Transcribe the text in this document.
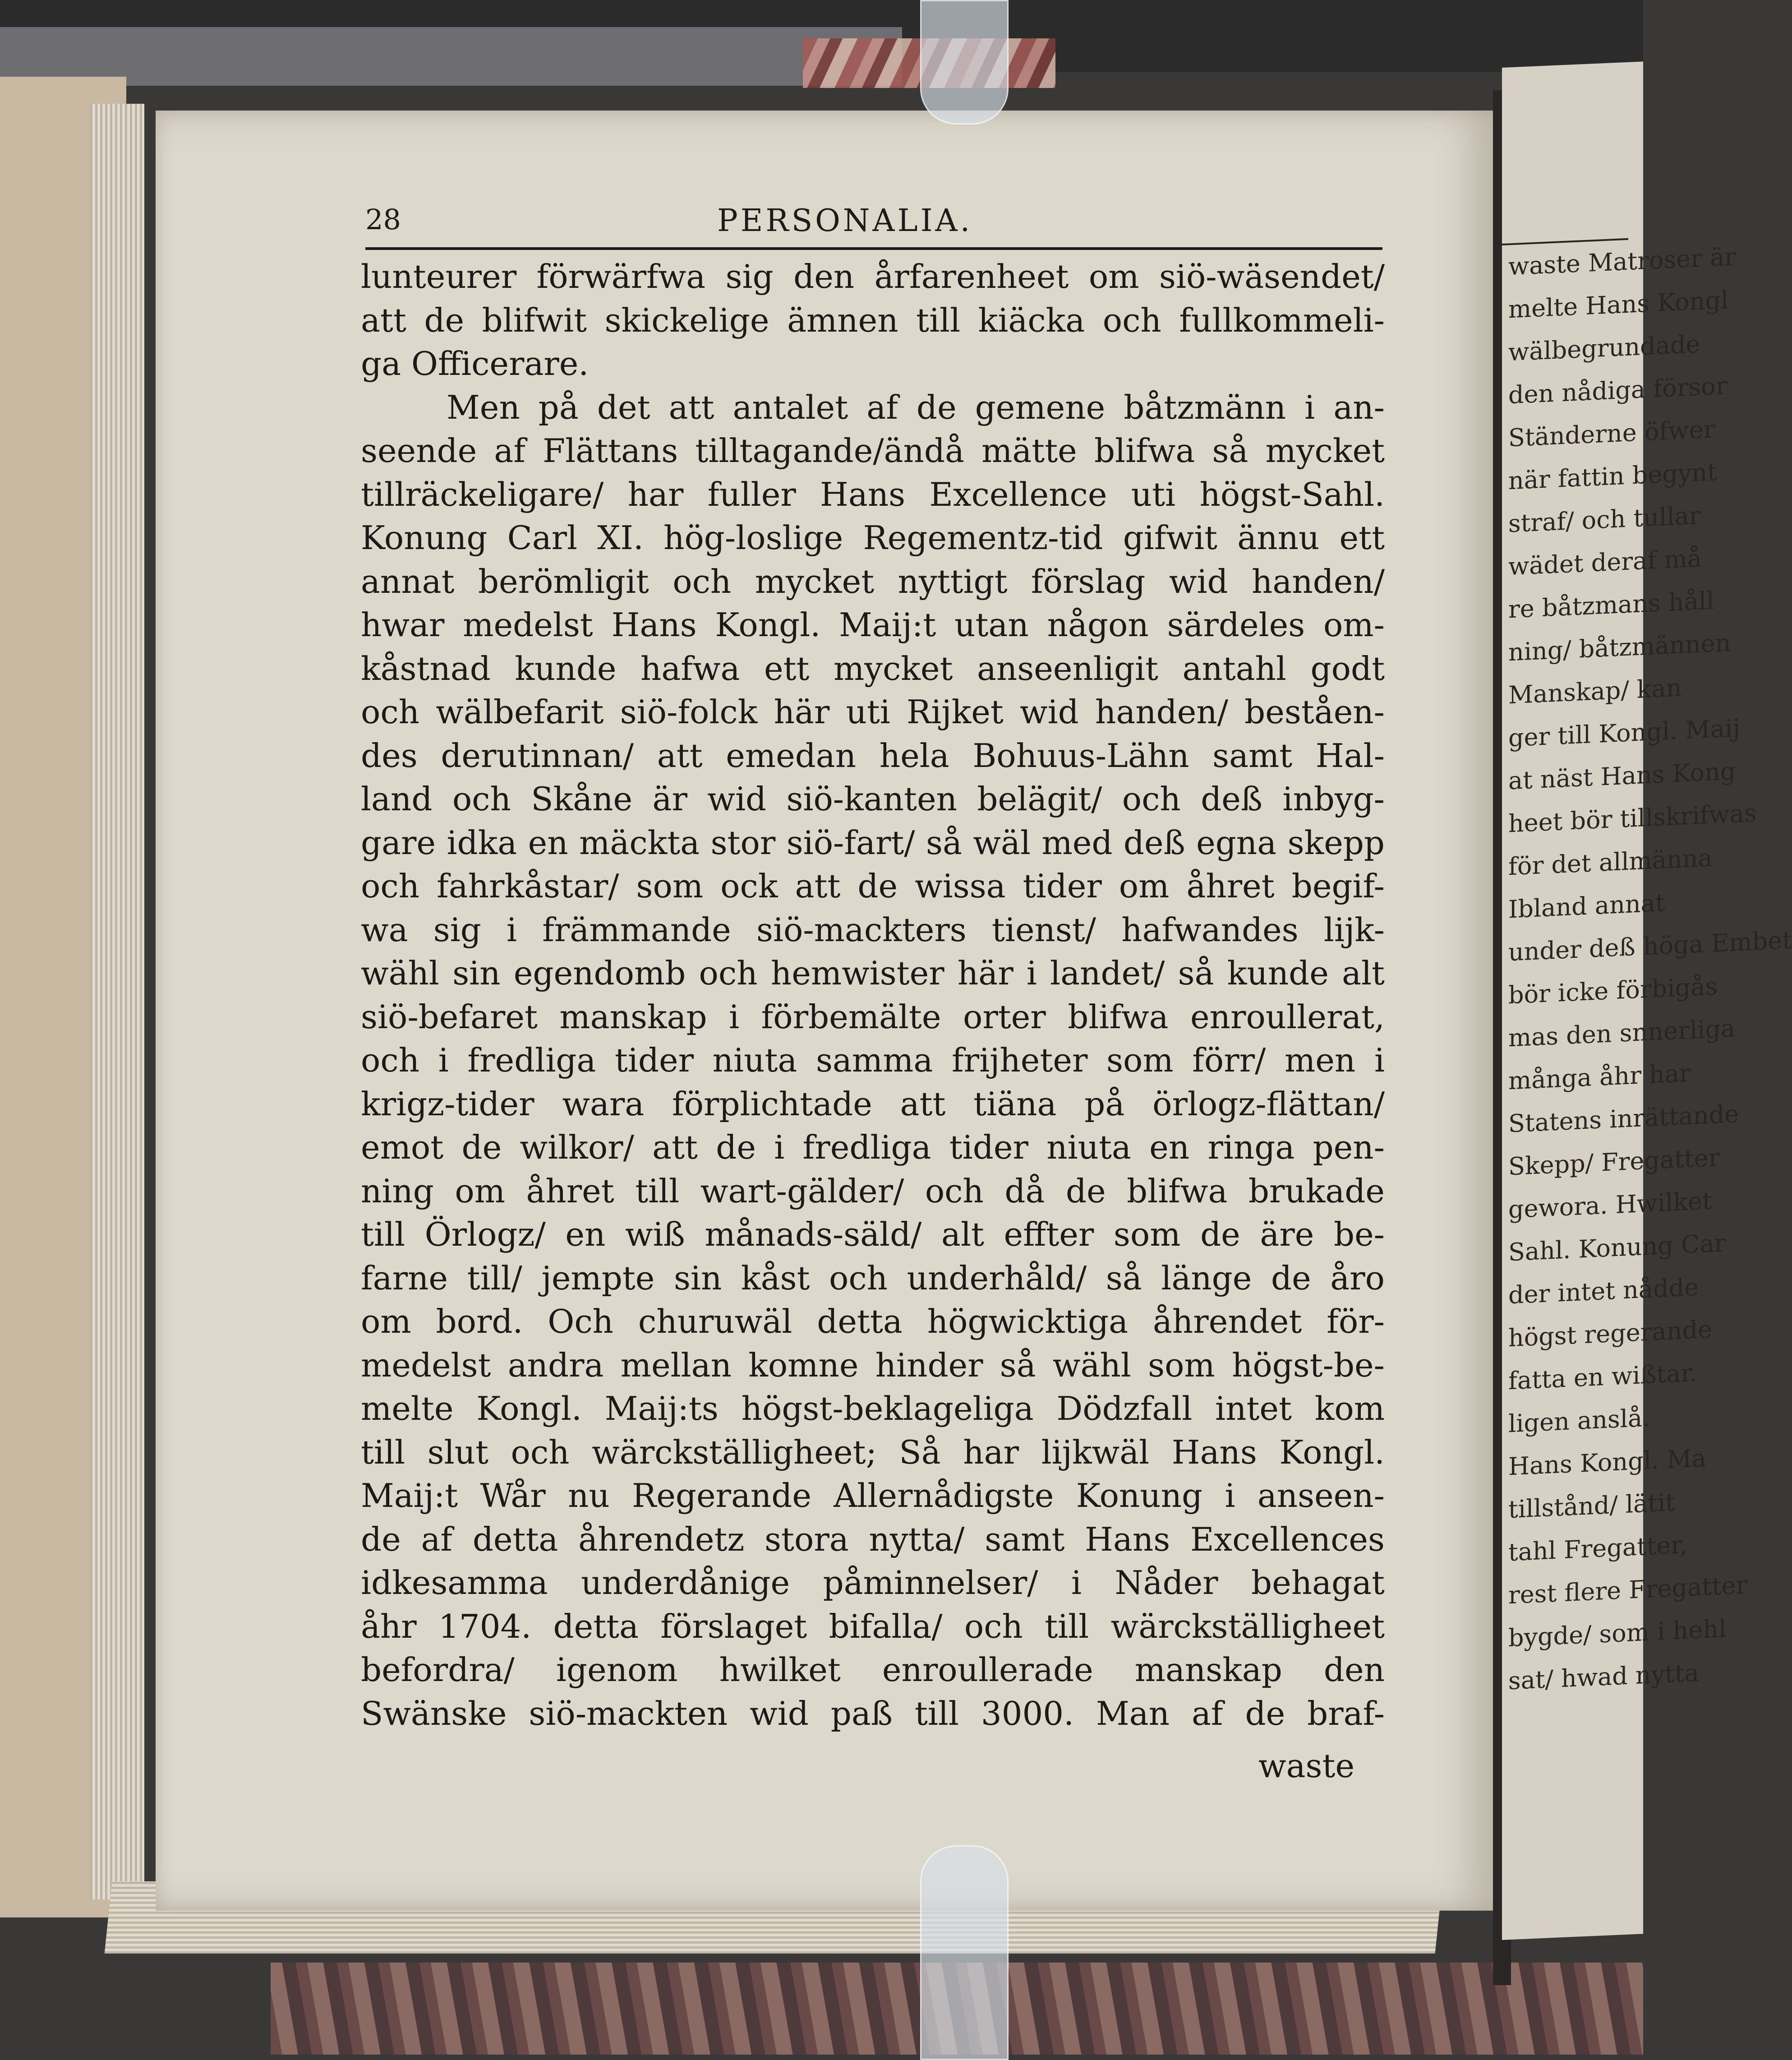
waste Matroser är
melte Hans Kongl
wälbegrundade
den nådiga försor
Ständerne öfwer
när fattin begynt
straf/ och tullar
wädet deraf må
re båtzmans håll
ning/ båtzmännen
Manskap/ kan
ger till Kongl. Maij
at näst Hans Kong
heet bör tillskrifwas
för det allmänna
Ibland annat
under deß höga Embet
bör icke förbigås
mas den snnerliga
många åhr har
Statens inrättande
Skepp/ Fregatter
gewora. Hwilket
Sahl. Konung Car
der intet nådde
högst regerande
fatta en wißtar.
ligen anslå.
Hans Kongl. Ma
tillstånd/ lätit
tahl Fregatter,
rest flere Fregatter
bygde/ som i hehl
sat/ hwad nytta
28	PERSONALIA.
lunteurer förwärfwa sig den årfarenheet om siö-wäsendet/
att de blifwit skickelige ämnen till kiäcka och fullkommeli-
ga Officerare.
Men på det att antalet af de gemene båtzmänn i an-
seende af Flättans tilltagande/ändå mätte blifwa så mycket
tillräckeligare/ har fuller Hans Excellence uti högst-Sahl.
Konung Carl XI. hög-loslige Regementz-tid gifwit ännu ett
annat berömligit och mycket nyttigt förslag wid handen/
hwar medelst Hans Kongl. Maij:t utan någon särdeles om-
kåstnad kunde hafwa ett mycket anseenligit antahl godt
och wälbefarit siö-folck här uti Rijket wid handen/ beståen-
des derutinnan/ att emedan hela Bohuus-Lähn samt Hal-
land och Skåne är wid siö-kanten belägit/ och deß inbyg-
gare idka en mäckta stor siö-fart/ så wäl med deß egna skepp
och fahrkåstar/ som ock att de wissa tider om åhret begif-
wa sig i främmande siö-mackters tienst/ hafwandes lijk-
wähl sin egendomb och hemwister här i landet/ så kunde alt
siö-befaret manskap i förbemälte orter blifwa enroullerat,
och i fredliga tider niuta samma frijheter som förr/ men i
krigz-tider wara förplichtade att tiäna på örlogz-flättan/
emot de wilkor/ att de i fredliga tider niuta en ringa pen-
ning om åhret till wart-gälder/ och då de blifwa brukade
till Örlogz/ en wiß månads-säld/ alt effter som de äre be-
farne till/ jempte sin kåst och underhåld/ så länge de åro
om bord. Och churuwäl detta högwicktiga åhrendet för-
medelst andra mellan komne hinder så wähl som högst-be-
melte Kongl. Maij:ts högst-beklageliga Dödzfall intet kom
till slut och wärckställigheet; Så har lijkwäl Hans Kongl.
Maij:t Wår nu Regerande Allernådigste Konung i anseen-
de af detta åhrendetz stora nytta/ samt Hans Excellences
idkesamma underdånige påminnelser/ i Nåder behagat
åhr 1704. detta förslaget bifalla/ och till wärckställigheet
befordra/ igenom hwilket enroullerade manskap den
Swänske siö-mackten wid paß till 3000. Man af de braf-
waste
